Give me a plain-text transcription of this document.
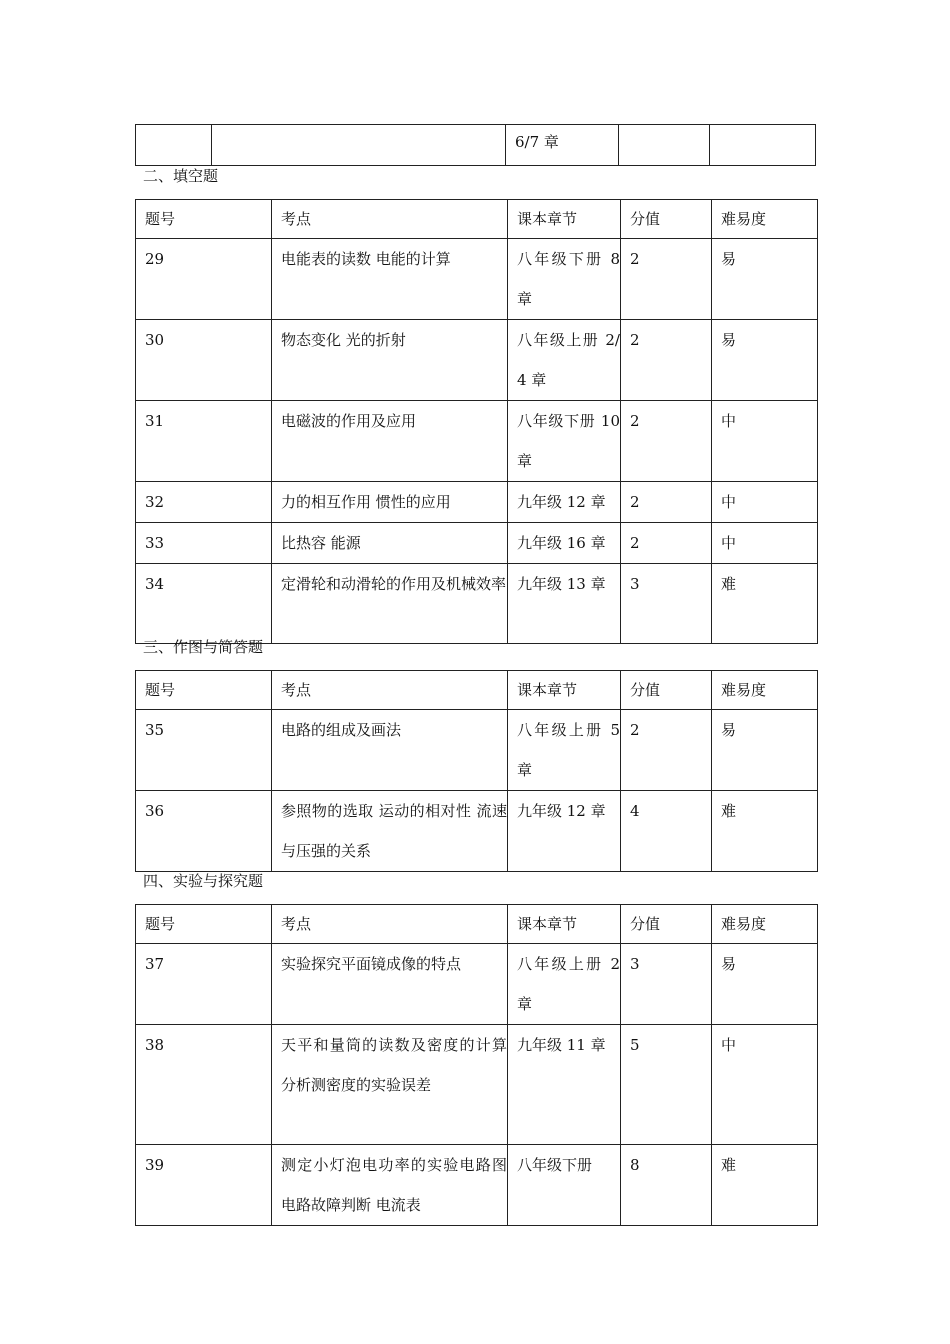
		6/7 章		
二、填空题
题号	考点	课本章节	分值	难易度
29	电能表的读数 电能的计算	八年级下册 8 章	2	易
30	物态变化 光的折射	八年级上册 2/4 章	2	易
31	电磁波的作用及应用	八年级下册 10 章	2	中
32	力的相互作用 惯性的应用	九年级 12 章	2	中
33	比热容 能源	九年级 16 章	2	中
34	定滑轮和动滑轮的作用及机械效率	九年级 13 章	3	难
三、作图与简答题
题号	考点	课本章节	分值	难易度
35	电路的组成及画法	八年级上册 5 章	2	易
36	参照物的选取 运动的相对性 流速与压强的关系	九年级 12 章	4	难
四、实验与探究题
题号	考点	课本章节	分值	难易度
37	实验探究平面镜成像的特点	八年级上册 2 章	3	易
38	天平和量筒的读数及密度的计算 分析测密度的实验误差	九年级 11 章	5	中
39	测定小灯泡电功率的实验电路图 电路故障判断 电流表	八年级下册	8	难
